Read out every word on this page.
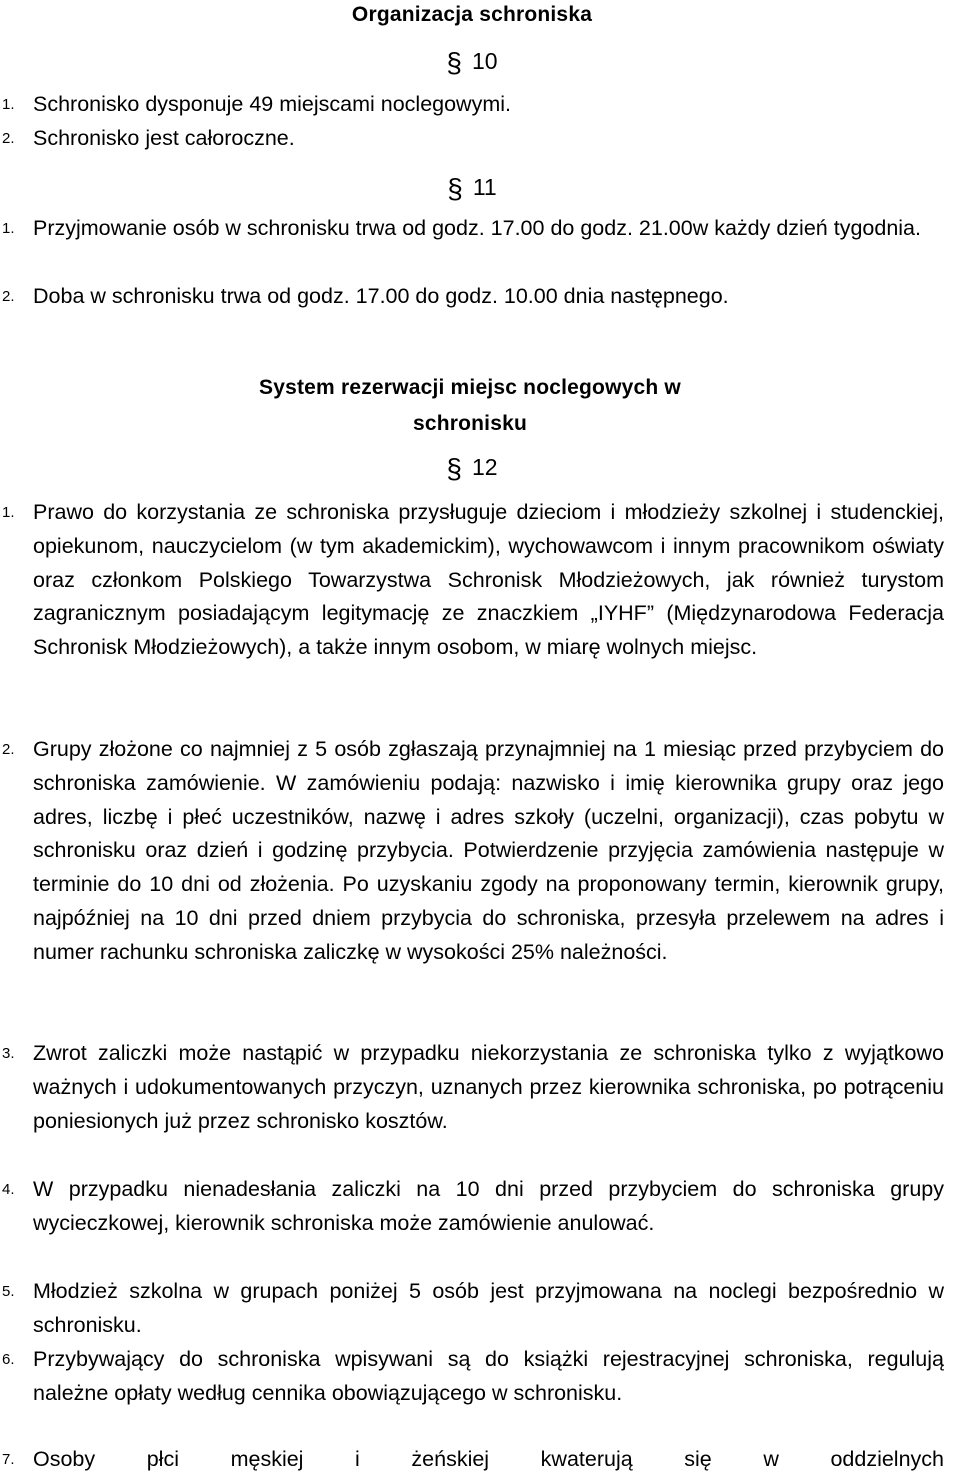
Organizacja schroniska
§ 10
1. Schronisko dysponuje 49 miejscami noclegowymi.
2. Schronisko jest całoroczne.
§ 11
1. Przyjmowanie osób w schronisku trwa od godz. 17.00 do godz. 21.00w każdy dzień tygodnia.
2. Doba w schronisku trwa od godz. 17.00 do godz. 10.00 dnia następnego.
System rezerwacji miejsc noclegowych w schronisku
§ 12
1. Prawo do korzystania ze schroniska przysługuje dzieciom i młodzieży szkolnej i studenckiej, opiekunom, nauczycielom (w tym akademickim), wychowawcom i innym pracownikom oświaty oraz członkom Polskiego Towarzystwa Schronisk Młodzieżowych, jak również turystom zagranicznym posiadającym legitymację ze znaczkiem „IYHF” (Międzynarodowa Federacja Schronisk Młodzieżowych), a także innym osobom, w miarę wolnych miejsc.
2. Grupy złożone co najmniej z 5 osób zgłaszają przynajmniej na 1 miesiąc przed przybyciem do schroniska zamówienie. W zamówieniu podają: nazwisko i imię kierownika grupy oraz jego adres, liczbę i płeć uczestników, nazwę i adres szkoły (uczelni, organizacji), czas pobytu w schronisku oraz dzień i godzinę przybycia. Potwierdzenie przyjęcia zamówienia następuje w terminie do 10 dni od złożenia. Po uzyskaniu zgody na proponowany termin, kierownik grupy, najpóźniej na 10 dni przed dniem przybycia do schroniska, przesyła przelewem na adres i numer rachunku schroniska zaliczkę w wysokości 25% należności.
3. Zwrot zaliczki może nastąpić w przypadku niekorzystania ze schroniska tylko z wyjątkowo ważnych i udokumentowanych przyczyn, uznanych przez kierownika schroniska, po potrąceniu poniesionych już przez schronisko kosztów.
4. W przypadku nienadesłania zaliczki na 10 dni przed przybyciem do schroniska grupy wycieczkowej, kierownik schroniska może zamówienie anulować.
5. Młodzież szkolna w grupach poniżej 5 osób jest przyjmowana na noclegi bezpośrednio w schronisku.
6. Przybywający do schroniska wpisywani są do książki rejestracyjnej schroniska, regulują należne opłaty według cennika obowiązującego w schronisku.
7. Osoby płci męskiej i żeńskiej kwaterują się w oddzielnych
